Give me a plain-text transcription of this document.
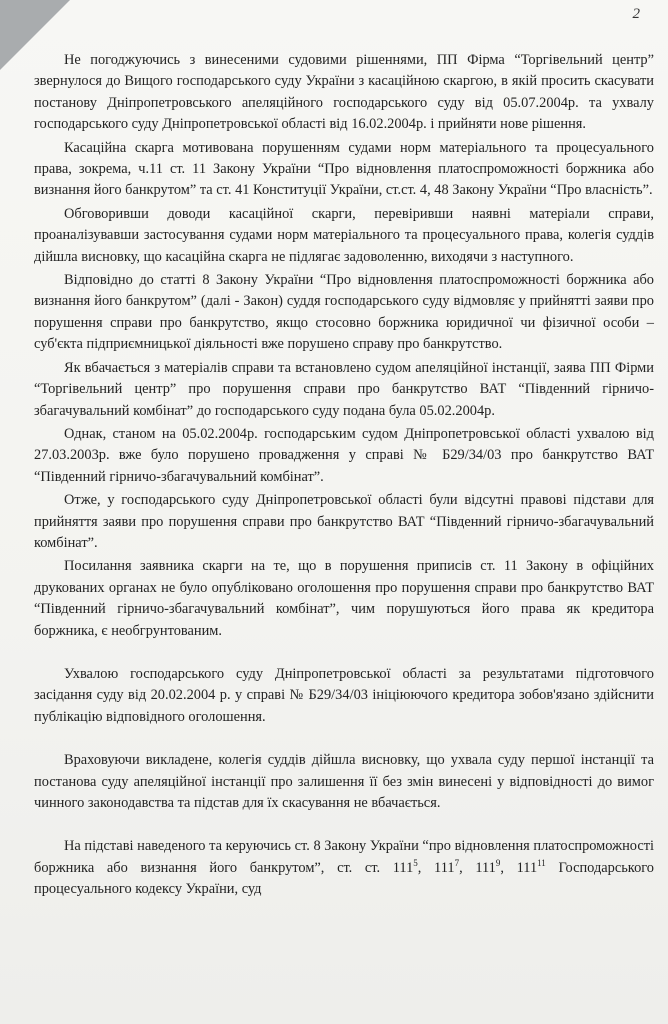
2

Не погоджуючись з винесеними судовими рішеннями, ПП Фірма “Торгівельний центр” звернулося до Вищого господарського суду України з касаційною скаргою, в якій просить скасувати постанову Дніпропетровського апеляційного господарського суду від 05.07.2004р. та ухвалу господарського суду Дніпропетровської області від 16.02.2004р. і прийняти нове рішення.

Касаційна скарга мотивована порушенням судами норм матеріального та процесуального права, зокрема, ч.11 ст. 11 Закону України “Про відновлення платоспроможності боржника або визнання його банкрутом” та ст. 41 Конституції України, ст.ст. 4, 48 Закону України “Про власність”.

Обговоривши доводи касаційної скарги, перевіривши наявні матеріали справи, проаналізувавши застосування судами норм матеріального та процесуального права, колегія суддів дійшла висновку, що касаційна скарга не підлягає задоволенню, виходячи з наступного.

Відповідно до статті 8 Закону України “Про відновлення платоспроможності боржника або визнання його банкрутом” (далі - Закон) суддя господарського суду відмовляє у прийнятті заяви про порушення справи про банкрутство, якщо стосовно боржника юридичної чи фізичної особи – суб'єкта підприємницької діяльності вже порушено справу про банкрутство.

Як вбачається з матеріалів справи та встановлено судом апеляційної інстанції, заява ПП Фірми “Торгівельний центр” про порушення справи про банкрутство ВАТ “Південний гірничо-збагачувальний комбінат” до господарського суду подана була 05.02.2004р.

Однак, станом на 05.02.2004р. господарським судом Дніпропетровської області ухвалою від 27.03.2003р. вже було порушено провадження у справі № Б29/34/03 про банкрутство ВАТ “Південний гірничо-збагачувальний комбінат”.

Отже, у господарського суду Дніпропетровської області були відсутні правові підстави для прийняття заяви про порушення справи про банкрутство ВАТ “Південний гірничо-збагачувальний комбінат”.

Посилання заявника скарги на те, що в порушення приписів ст. 11 Закону в офіційних друкованих органах не було опубліковано оголошення про порушення справи про банкрутство ВАТ “Південний гірничо-збагачувальний комбінат”, чим порушуються його права як кредитора боржника, є необгрунтованим.

Ухвалою господарського суду Дніпропетровської області за результатами підготовчого засідання суду від 20.02.2004 р. у справі № Б29/34/03 ініціюючого кредитора зобов'язано здійснити публікацію відповідного оголошення.

Враховуючи викладене, колегія суддів дійшла висновку, що ухвала суду першої інстанції та постанова суду апеляційної інстанції про залишення її без змін винесені у відповідності до вимог чинного законодавства та підстав для їх скасування не вбачається.

На підставі наведеного та керуючись ст. 8 Закону України “про відновлення платоспроможності боржника або визнання його банкрутом”, ст. ст. $111^5$, $111^7$, $111^9$, $111^{11}$ Господарського процесуального кодексу України, суд
